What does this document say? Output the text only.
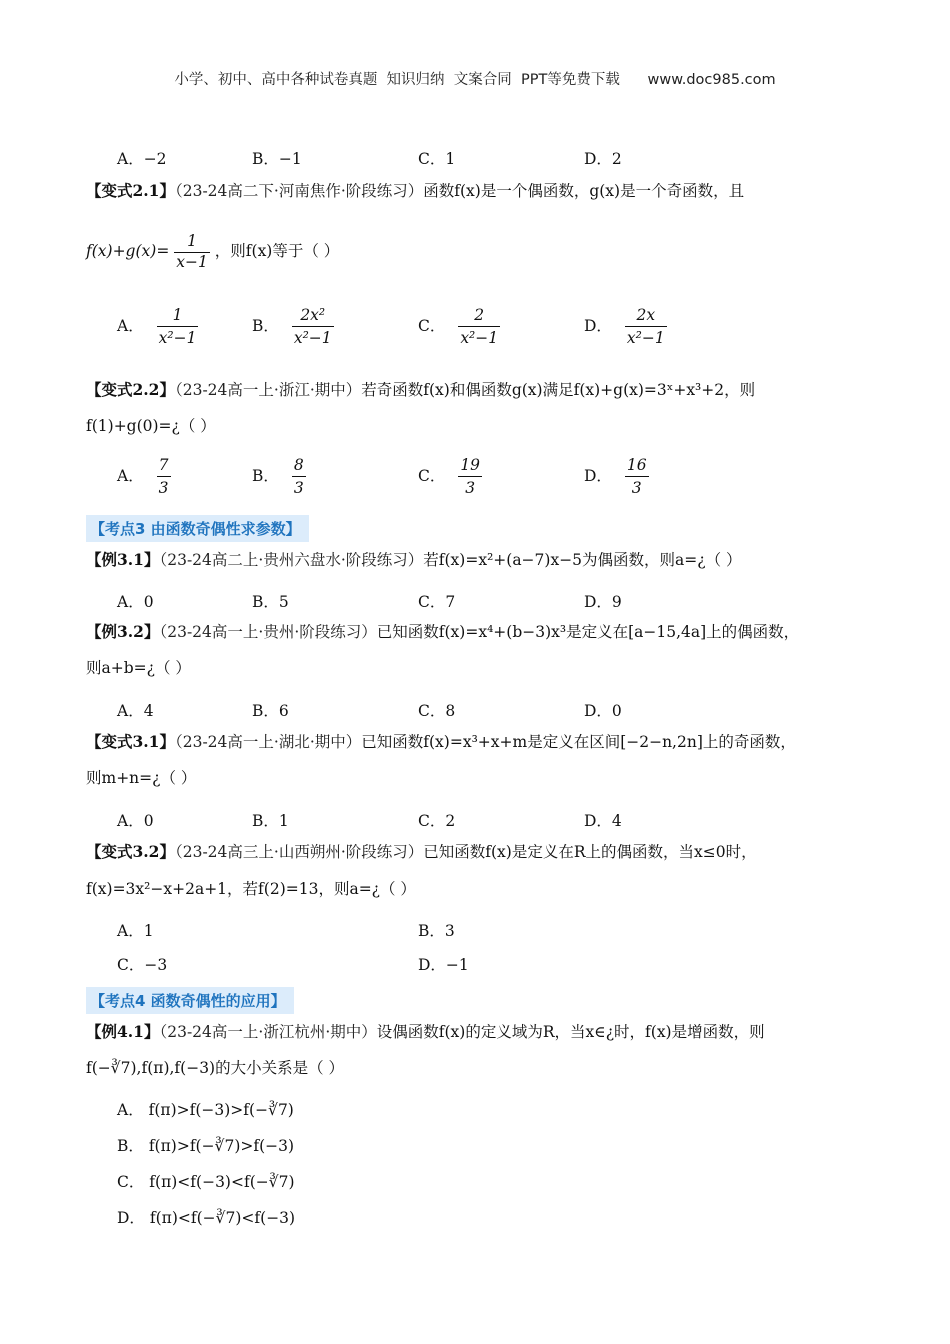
小学、初中、高中各种试卷真题  知识归纳  文案合同  PPT等免费下载      www.doc985.com
A．−2	B．−1	C．1	D．2
【变式2.1】（23-24高二下·河南焦作·阶段练习）函数f(x)是一个偶函数，g(x)是一个奇函数，且
$f(x)+g(x)= \frac{1}{x-1}$ ，则f(x)等于（ ）
A． $\frac{1}{\text{x²−1}}$	B． $\frac{\text{2x²}}{\text{x²−1}}$	C． $\frac{2}{\text{x²−1}}$	D． $\frac{2x}{\text{x²−1}}$
【变式2.2】（23-24高一上·浙江·期中）若奇函数f(x)和偶函数g(x)满足f(x)+g(x)=3ˣ+x³+2，则
f(1)+g(0)=¿（ ）
A． $\frac{7}{3}$	B． $\frac{8}{3}$	C． $\frac{19}{3}$	D． $\frac{16}{3}$
【考点3 由函数奇偶性求参数】
【例3.1】（23-24高二上·贵州六盘水·阶段练习）若f(x)=x²+(a−7)x−5为偶函数，则a=¿（ ）
A．0	B．5	C．7	D．9
【例3.2】（23-24高一上·贵州·阶段练习）已知函数f(x)=x⁴+(b−3)x³是定义在[a−15,4a]上的偶函数，
则a+b=¿（ ）
A．4	B．6	C．8	D．0
【变式3.1】（23-24高一上·湖北·期中）已知函数f(x)=x³+x+m是定义在区间[−2−n,2n]上的奇函数，
则m+n=¿（ ）
A．0	B．1	C．2	D．4
【变式3.2】（23-24高三上·山西朔州·阶段练习）已知函数f(x)是定义在R上的偶函数，当x≤0时，
f(x)=3x²−x+2a+1，若f(2)=13，则a=¿（ ）
A．1	B．3
C．−3	D．−1
【考点4 函数奇偶性的应用】
【例4.1】（23-24高一上·浙江杭州·期中）设偶函数f(x)的定义域为R，当x∈¿时，f(x)是增函数，则
f(−∛7),f(π),f(−3)的大小关系是（ ）
A． f(π)>f(−3)>f(−∛7)
B． f(π)>f(−∛7)>f(−3)
C． f(π)<f(−3)<f(−∛7)
D． f(π)<f(−∛7)<f(−3)
